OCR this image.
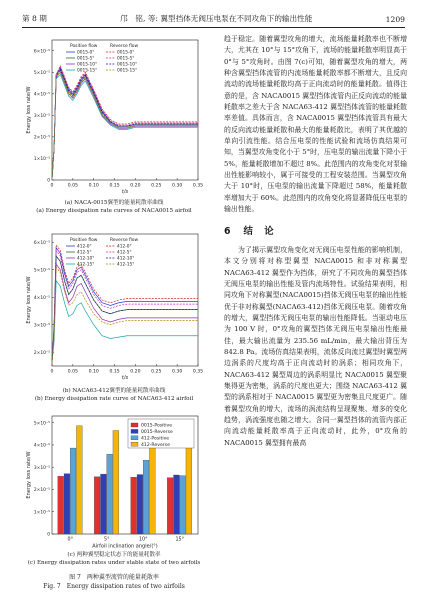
第 8 期	邝　铭, 等: 翼型挡体无阀压电泵在不同攻角下的输出性能	1209
0	0.05 0.10 0.15 0.20 0.25 0.30 0.35
0
1×10⁻⁵
2×10⁻⁵
3×10⁻⁵
4×10⁻⁵
5×10⁻⁵
6×10⁻⁵
t/s
Energy loss rate/W
Positive flow	Reverse flow
0015-0°
0015-5°
0015-10°
0015-15°
0015-0°
0015-5°
0015-10°
0015-15°
(a) NACA-0015翼型的能量耗散率曲线
(a) Energy dissipation rate curves of NACA0015 airfoil
0	0.05 0.10 0.15 0.20 0.25 0.30 0.35
2×10⁻⁵
3×10⁻⁵
4×10⁻⁵
5×10⁻⁵
6×10⁻⁵
t/s
Energy loss rate/W
Positive flow	Reverse flow
412-0°
412-5°
412-10°
412-15°
412-0°
412-5°
412-10°
412-15°
(b) NACA63-412翼型的能量耗散率曲线
(b) Energy dissipation rate curve of NACA63-412 airfoil
0
1×10⁻⁵
2×10⁻⁵
3×10⁻⁵
4×10⁻⁵
5×10⁻⁵
0°	5°	10°	15°
Airfoil inclination angle/(°)
Energy loss rate/W
0015-Positive
0015-Reverse
412-Positive
412-Reverse
(c) 两种翼型稳定状态下的能量耗散率
(c) Energy dissipation rates under stable state of two airfoils
图 7　两种翼型流管的能量耗散率
Fig. 7　Energy dissipation rates of two airfoils

趋于稳定。随着翼型攻角的增大，流场能量耗散率也不断增大，尤其在 10°与 15°攻角下，流场的能量耗散率明显高于 0°与 5°攻角时。由图 7(c)可知，随着翼型攻角的增大，两种含翼型挡体流管的内流场能量耗散率都不断增大，且反向流动的流场能量耗散均高于正向流动时的能量耗散。值得注意的是，含 NACA0015 翼型挡体流管内正反向流动的能量耗散率之差大于含 NACA63-412 翼型挡体流管的能量耗散率差值。具体而言，含 NACA0015 翼型挡体流管具有最大的反向流动能量耗散和最大的能量耗散比，表明了其优越的单向引流性能。结合压电泵的性能试验和流场仿真结果可知，当翼型攻角变化小于 5°时，压电泵的输出流量下降小于 5%，能量耗散增加不超过 8%。此范围内的攻角变化对泵输出性能影响较小，属于可接受的工程安装范围。当翼型攻角大于 10°时，压电泵的输出流量下降超过 58%，能量耗散率增加大于 60%。此范围内的攻角变化将显著降低压电泵的输出性能。

6 结　论

为了揭示翼型攻角变化对无阀压电泵性能的影响机制，本文分别将对称型翼型 NACA0015 和非对称翼型 NACA63-412 翼型作为挡体，研究了不同攻角的翼型挡体无阀压电泵的输出性能及管内流场特性。试验结果表明，相同攻角下对称翼型(NACA0015)挡体无阀压电泵的输出性能优于非对称翼型(NACA63-412)挡体无阀压电泵。随着攻角的增大，翼型挡体无阀压电泵的输出性能降低。当驱动电压为 100 V 时，0°攻角的翼型挡体无阀压电泵输出性能最佳，最大输出流量为 235.56 mL/min，最大输出背压为 842.8 Pa。流场仿真结果表明，流体反向流过翼型时翼型两边涡系的尺度均高于正向流动时的涡系；相同攻角下，NACA63-412 翼型周边的涡系明显比 NACA0015 翼型聚集得更为密集，涡系的尺度也更大；围绕 NACA63-412 翼型的涡系相对于 NACA0015 翼型更为密集且尺度更广。随着翼型攻角的增大，流场的涡流结构呈现聚集、增多的变化趋势，涡流强度也随之增大。含同一翼型挡体的流管内部正向流动能量耗散率高于正向流动时，此外，0°攻角的 NACA0015 翼型拥有最高
